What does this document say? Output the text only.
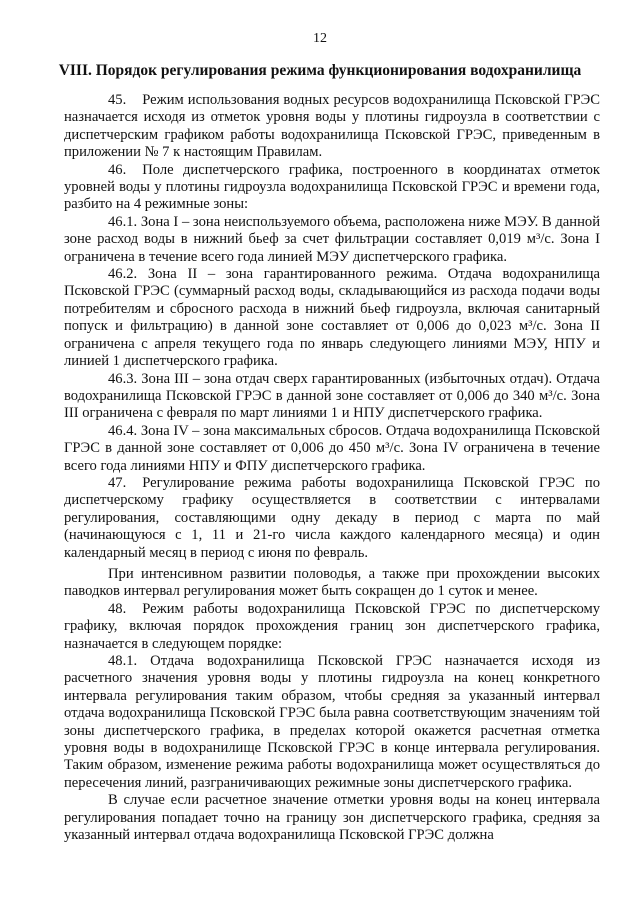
12
VIII. Порядок регулирования режима функционирования водохранилища

45. Режим использования водных ресурсов водохранилища Псковской ГРЭС назначается исходя из отметок уровня воды у плотины гидроузла в соответствии с диспетчерским графиком работы водохранилища Псковской ГРЭС, приведенным в приложении № 7 к настоящим Правилам.

46. Поле диспетчерского графика, построенного в координатах отметок уровней воды у плотины гидроузла водохранилища Псковской ГРЭС и времени года, разбито на 4 режимные зоны:

46.1. Зона I – зона неиспользуемого объема, расположена ниже МЭУ. В данной зоне расход воды в нижний бьеф за счет фильтрации составляет 0,019 м³/с. Зона I ограничена в течение всего года линией МЭУ диспетчерского графика.

46.2. Зона II – зона гарантированного режима. Отдача водохранилища Псковской ГРЭС (суммарный расход воды, складывающийся из расхода подачи воды потребителям и сбросного расхода в нижний бьеф гидроузла, включая санитарный попуск и фильтрацию) в данной зоне составляет от 0,006 до 0,023 м³/с. Зона II ограничена с апреля текущего года по январь следующего линиями МЭУ, НПУ и линией 1 диспетчерского графика.

46.3. Зона III – зона отдач сверх гарантированных (избыточных отдач). Отдача водохранилища Псковской ГРЭС в данной зоне составляет от 0,006 до 340 м³/с. Зона III ограничена с февраля по март линиями 1 и НПУ диспетчерского графика.

46.4. Зона IV – зона максимальных сбросов. Отдача водохранилища Псковской ГРЭС в данной зоне составляет от 0,006 до 450 м³/с. Зона IV ограничена в течение всего года линиями НПУ и ФПУ диспетчерского графика.

47. Регулирование режима работы водохранилища Псковской ГРЭС по диспетчерскому графику осуществляется в соответствии с интервалами регулирования, составляющими одну декаду в период с марта по май (начинающуюся с 1, 11 и 21-го числа каждого календарного месяца) и один календарный месяц в период с июня по февраль.

При интенсивном развитии половодья, а также при прохождении высоких паводков интервал регулирования может быть сокращен до 1 суток и менее.

48. Режим работы водохранилища Псковской ГРЭС по диспетчерскому графику, включая порядок прохождения границ зон диспетчерского графика, назначается в следующем порядке:

48.1. Отдача водохранилища Псковской ГРЭС назначается исходя из расчетного значения уровня воды у плотины гидроузла на конец конкретного интервала регулирования таким образом, чтобы средняя за указанный интервал отдача водохранилища Псковской ГРЭС была равна соответствующим значениям той зоны диспетчерского графика, в пределах которой окажется расчетная отметка уровня воды в водохранилище Псковской ГРЭС в конце интервала регулирования. Таким образом, изменение режима работы водохранилища может осуществляться до пересечения линий, разграничивающих режимные зоны диспетчерского графика.

В случае если расчетное значение отметки уровня воды на конец интервала регулирования попадает точно на границу зон диспетчерского графика, средняя за указанный интервал отдача водохранилища Псковской ГРЭС должна
